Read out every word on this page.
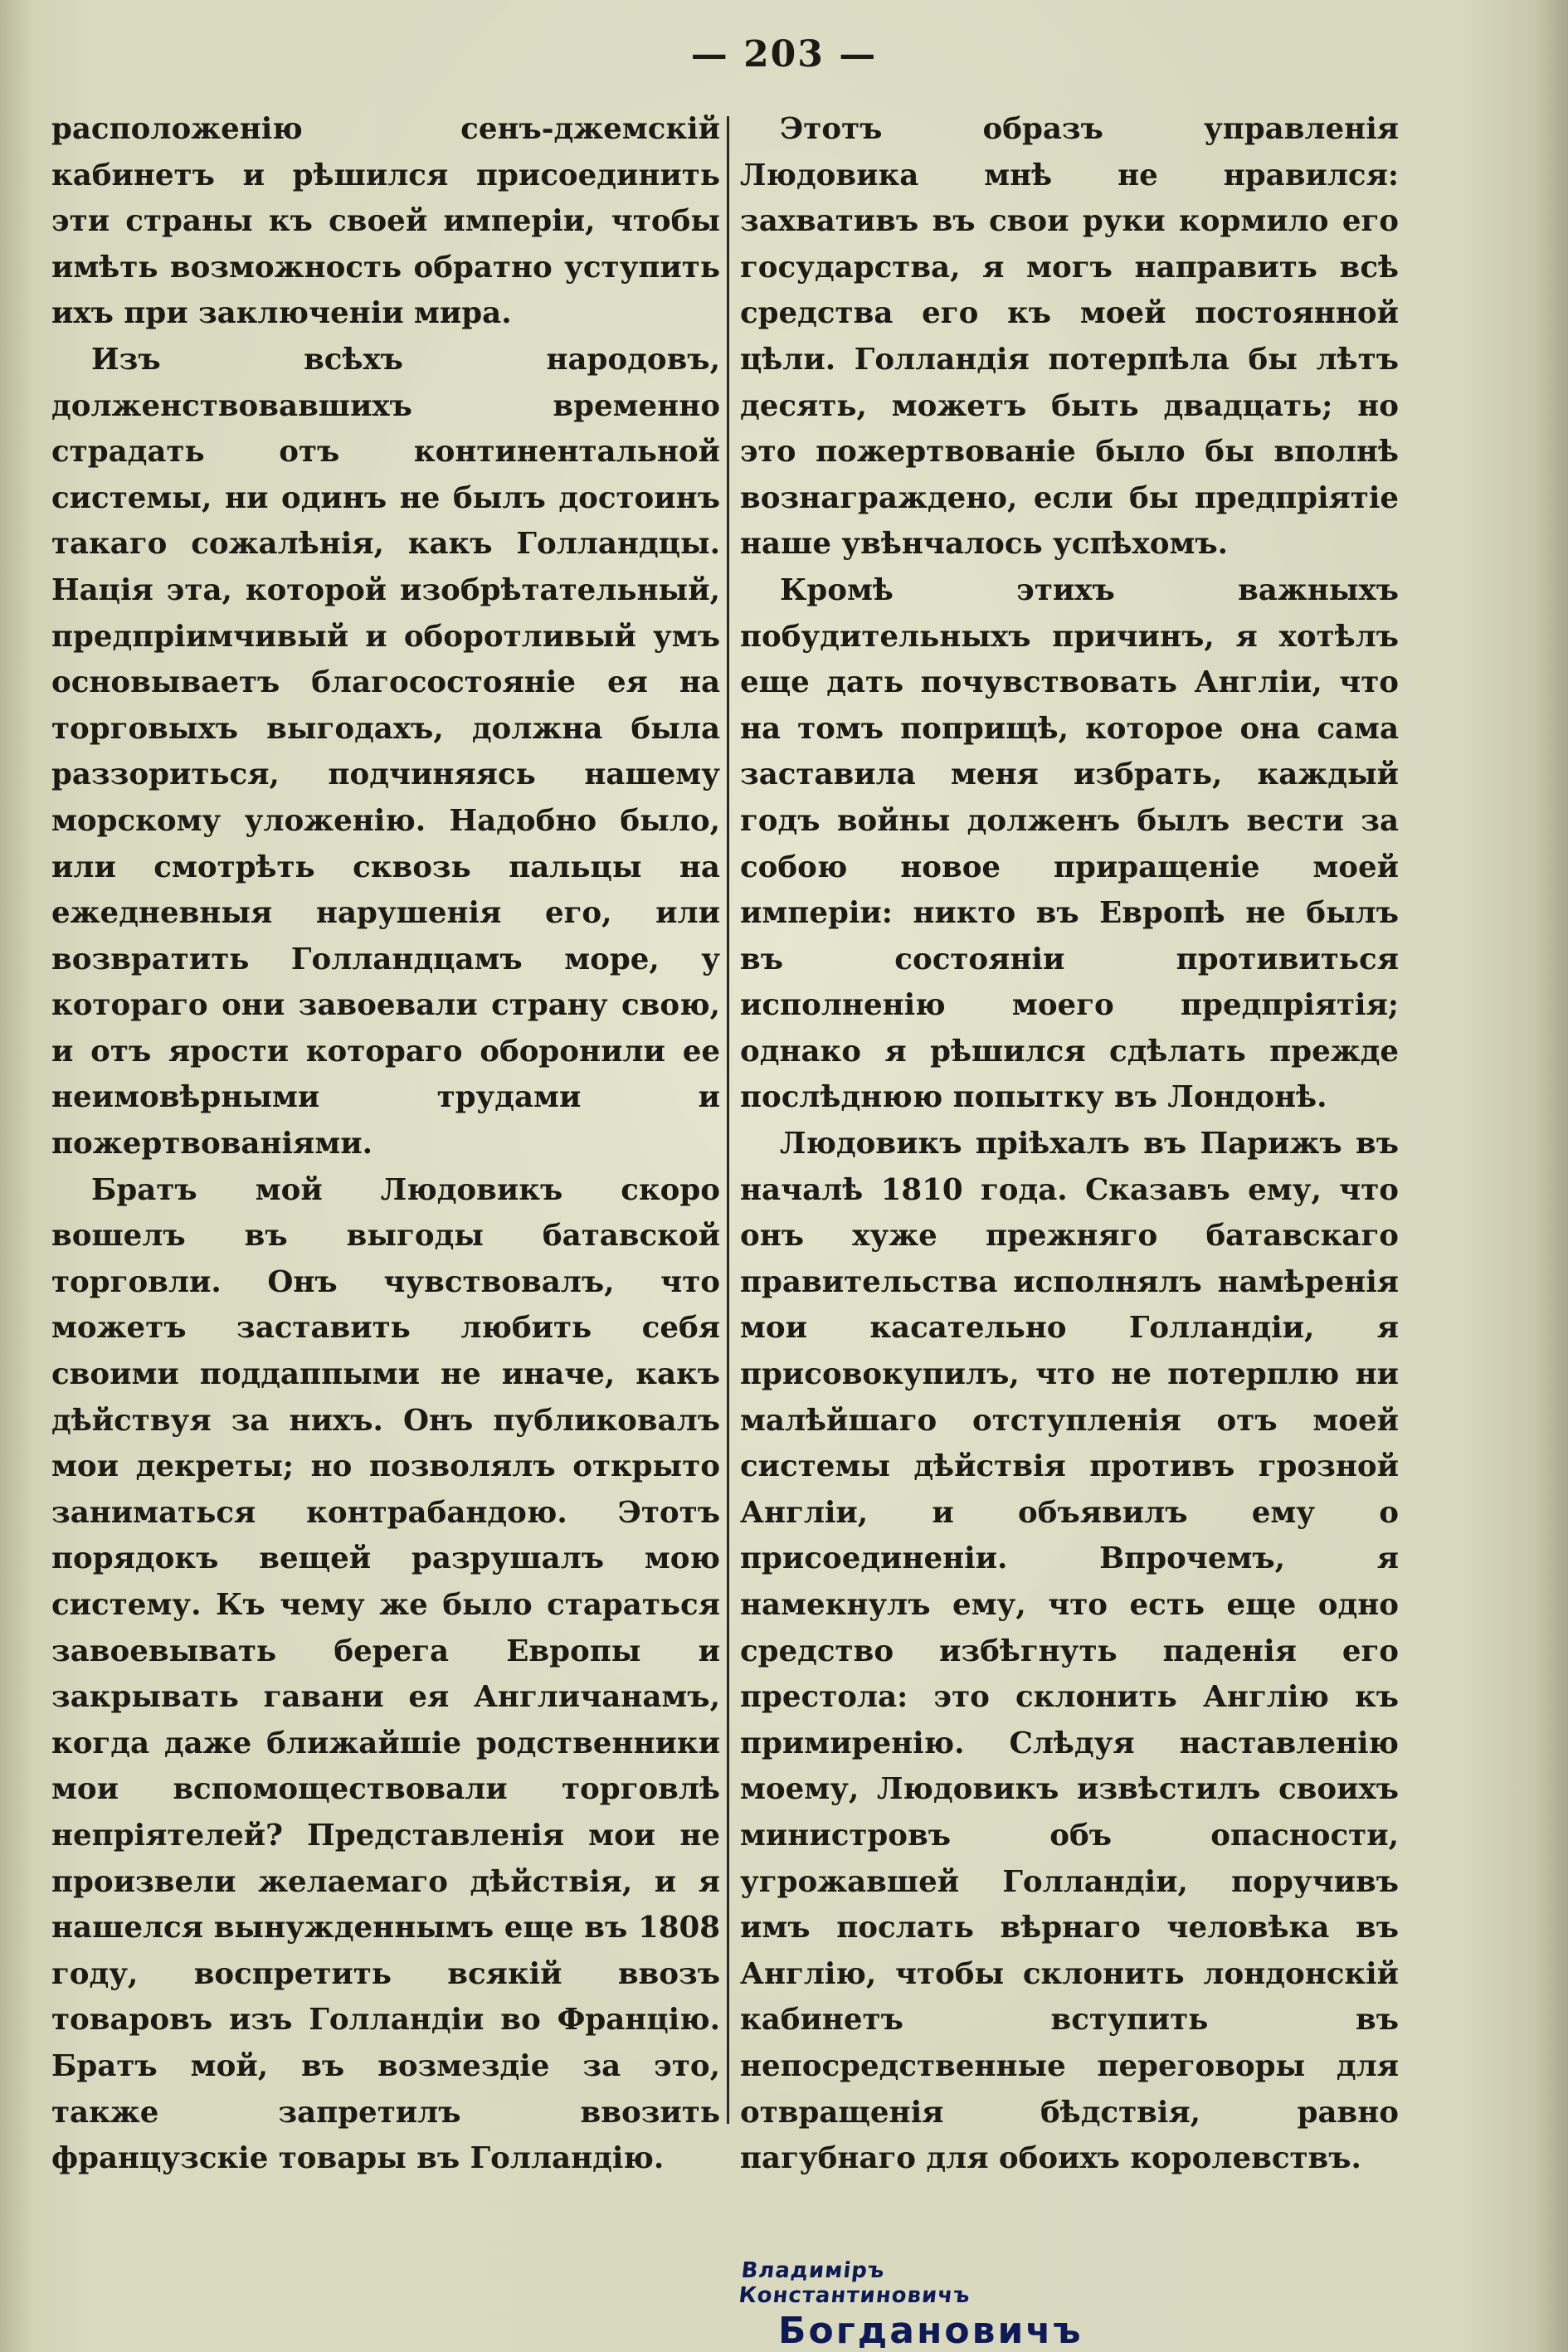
— 203 —

расположенію сенъ-джемскій кабинетъ и рѣшился присоединить эти страны къ своей имперіи, чтобы имѣть возможность обратно уступить ихъ при заключеніи мира.

Изъ всѣхъ народовъ, долженствовавшихъ временно страдать отъ континентальной системы, ни одинъ не былъ достоинъ такаго сожалѣнія, какъ Голландцы. Нація эта, которой изобрѣтательный, предпріимчивый и оборотливый умъ основываетъ благосостояніе ея на торговыхъ выгодахъ, должна была раззориться, подчиняясь нашему морскому уложенію. Надобно было, или смотрѣть сквозь пальцы на ежедневныя нарушенія его, или возвратить Голландцамъ море, у котораго они завоевали страну свою, и отъ ярости котораго оборонили ее неимовѣрными трудами и пожертвованіями.

Братъ мой Людовикъ скоро вошелъ въ выгоды батавской торговли. Онъ чувствовалъ, что можетъ заставить любить себя своими поддаппыми не иначе, какъ дѣйствуя за нихъ. Онъ публиковалъ мои декреты; но позволялъ открыто заниматься контрабандою. Этотъ порядокъ вещей разрушалъ мою систему. Къ чему же было стараться завоевывать берега Европы и закрывать гавани ея Англичанамъ, когда даже ближайшіе родственники мои вспомоществовали торговлѣ непріятелей? Представленія мои не произвели желаемаго дѣйствія, и я нашелся вынужденнымъ еще въ 1808 году, воспретить всякій ввозъ товаровъ изъ Голландіи во Францію. Братъ мой, въ возмездіе за это, также запретилъ ввозить французскіе товары въ Голландію.

Этотъ образъ управленія Людовика мнѣ не нравился: захвативъ въ свои руки кормило его государства, я могъ направить всѣ средства его къ моей постоянной цѣли. Голландія потерпѣла бы лѣтъ десять, можетъ быть двадцать; но это пожертвованіе было бы вполнѣ вознаграждено, если бы предпріятіе наше увѣнчалось успѣхомъ.

Кромѣ этихъ важныхъ побудительныхъ причинъ, я хотѣлъ еще дать почувствовать Англіи, что на томъ поприщѣ, которое она сама заставила меня избрать, каждый годъ войны долженъ былъ вести за собою новое приращеніе моей имперіи: никто въ Европѣ не былъ въ состояніи противиться исполненію моего предпріятія; однако я рѣшился сдѣлать прежде послѣднюю попытку въ Лондонѣ.

Людовикъ пріѣхалъ въ Парижъ въ началѣ 1810 года. Сказавъ ему, что онъ хуже прежняго батавскаго правительства исполнялъ намѣренія мои касательно Голландіи, я присовокупилъ, что не потерплю ни малѣйшаго отступленія отъ моей системы дѣйствія противъ грозной Англіи, и объявилъ ему о присоединеніи. Впрочемъ, я намекнулъ ему, что есть еще одно средство избѣгнуть паденія его престола: это склонить Англію къ примиренію. Слѣдуя наставленію моему, Людовикъ извѣстилъ своихъ министровъ объ опасности, угрожавшей Голландіи, поручивъ имъ послать вѣрнаго человѣка въ Англію, чтобы склонить лондонскій кабинетъ вступить въ непосредственные переговоры для отвращенія бѣдствія, равно пагубнаго для обоихъ королевствъ.

Владиміръ Константиновичъ
Богдановичъ
